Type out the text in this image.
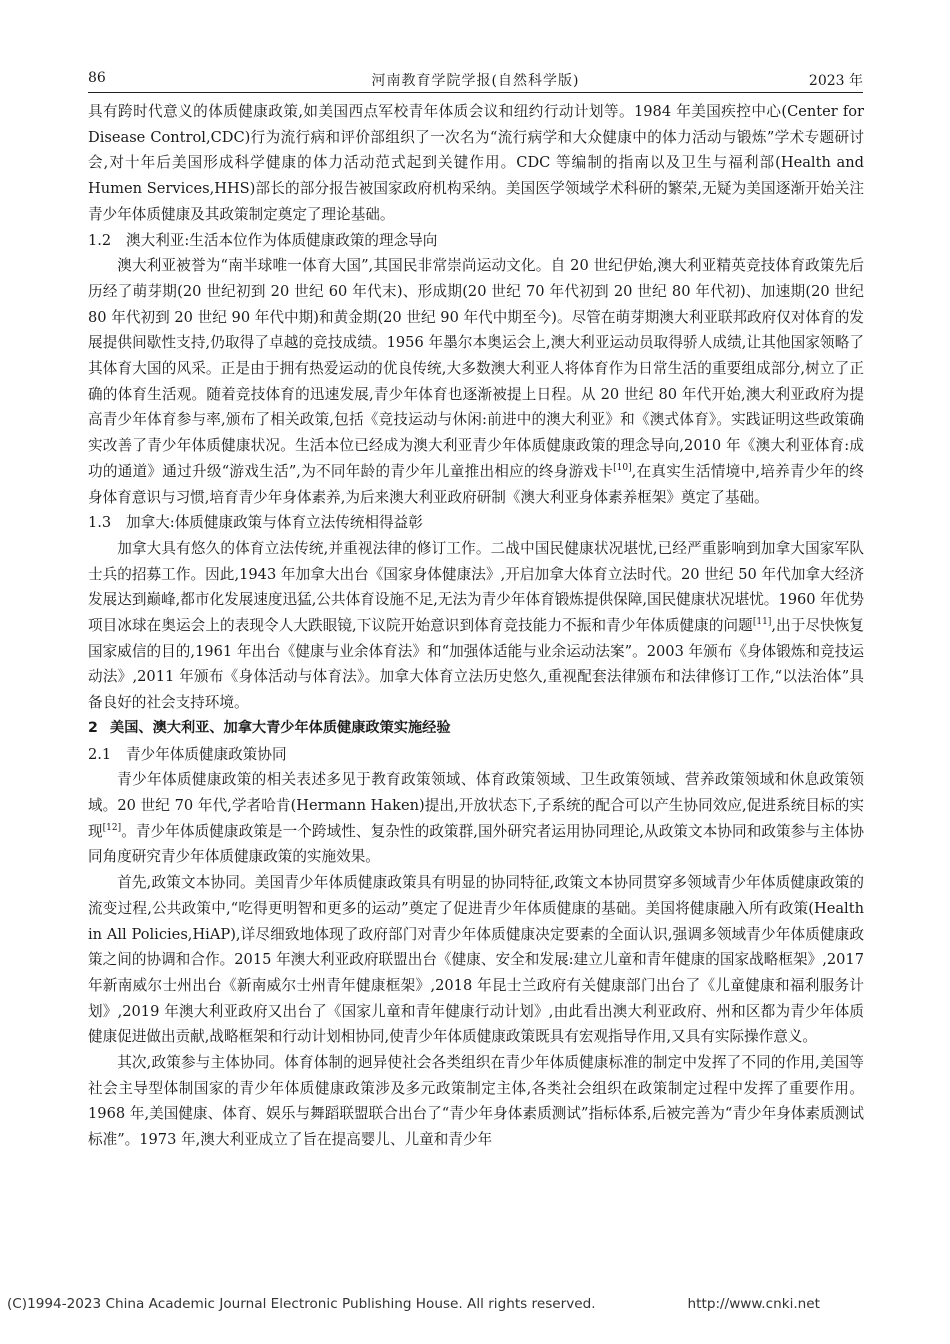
86	河南教育学院学报(自然科学版)	2023 年

具有跨时代意义的体质健康政策,如美国西点军校青年体质会议和纽约行动计划等。1984 年美国疾控中心(Center for Disease Control,CDC)行为流行病和评价部组织了一次名为“流行病学和大众健康中的体力活动与锻炼”学术专题研讨会,对十年后美国形成科学健康的体力活动范式起到关键作用。CDC 等编制的指南以及卫生与福利部(Health and Humen Services,HHS)部长的部分报告被国家政府机构采纳。美国医学领域学术科研的繁荣,无疑为美国逐渐开始关注青少年体质健康及其政策制定奠定了理论基础。

1.2 澳大利亚:生活本位作为体质健康政策的理念导向

澳大利亚被誉为“南半球唯一体育大国”,其国民非常崇尚运动文化。自 20 世纪伊始,澳大利亚精英竞技体育政策先后历经了萌芽期(20 世纪初到 20 世纪 60 年代末)、形成期(20 世纪 70 年代初到 20 世纪 80 年代初)、加速期(20 世纪 80 年代初到 20 世纪 90 年代中期)和黄金期(20 世纪 90 年代中期至今)。尽管在萌芽期澳大利亚联邦政府仅对体育的发展提供间歇性支持,仍取得了卓越的竞技成绩。1956 年墨尔本奥运会上,澳大利亚运动员取得骄人成绩,让其他国家领略了其体育大国的风采。正是由于拥有热爱运动的优良传统,大多数澳大利亚人将体育作为日常生活的重要组成部分,树立了正确的体育生活观。随着竞技体育的迅速发展,青少年体育也逐渐被提上日程。从 20 世纪 80 年代开始,澳大利亚政府为提高青少年体育参与率,颁布了相关政策,包括《竞技运动与休闲:前进中的澳大利亚》和《澳式体育》。实践证明这些政策确实改善了青少年体质健康状况。生活本位已经成为澳大利亚青少年体质健康政策的理念导向,2010 年《澳大利亚体育:成功的通道》通过升级“游戏生活”,为不同年龄的青少年儿童推出相应的终身游戏卡[10],在真实生活情境中,培养青少年的终身体育意识与习惯,培育青少年身体素养,为后来澳大利亚政府研制《澳大利亚身体素养框架》奠定了基础。

1.3 加拿大:体质健康政策与体育立法传统相得益彰

加拿大具有悠久的体育立法传统,并重视法律的修订工作。二战中国民健康状况堪忧,已经严重影响到加拿大国家军队士兵的招募工作。因此,1943 年加拿大出台《国家身体健康法》,开启加拿大体育立法时代。20 世纪 50 年代加拿大经济发展达到巅峰,都市化发展速度迅猛,公共体育设施不足,无法为青少年体育锻炼提供保障,国民健康状况堪忧。1960 年优势项目冰球在奥运会上的表现令人大跌眼镜,下议院开始意识到体育竞技能力不振和青少年体质健康的问题[11],出于尽快恢复国家威信的目的,1961 年出台《健康与业余体育法》和“加强体适能与业余运动法案”。2003 年颁布《身体锻炼和竞技运动法》,2011 年颁布《身体活动与体育法》。加拿大体育立法历史悠久,重视配套法律颁布和法律修订工作,“以法治体”具备良好的社会支持环境。

2 美国、澳大利亚、加拿大青少年体质健康政策实施经验
2.1 青少年体质健康政策协同

青少年体质健康政策的相关表述多见于教育政策领域、体育政策领域、卫生政策领域、营养政策领域和休息政策领域。20 世纪 70 年代,学者哈肯(Hermann Haken)提出,开放状态下,子系统的配合可以产生协同效应,促进系统目标的实现[12]。青少年体质健康政策是一个跨域性、复杂性的政策群,国外研究者运用协同理论,从政策文本协同和政策参与主体协同角度研究青少年体质健康政策的实施效果。

首先,政策文本协同。美国青少年体质健康政策具有明显的协同特征,政策文本协同贯穿多领域青少年体质健康政策的流变过程,公共政策中,“吃得更明智和更多的运动”奠定了促进青少年体质健康的基础。美国将健康融入所有政策(Health in All Policies,HiAP),详尽细致地体现了政府部门对青少年体质健康决定要素的全面认识,强调多领域青少年体质健康政策之间的协调和合作。2015 年澳大利亚政府联盟出台《健康、安全和发展:建立儿童和青年健康的国家战略框架》,2017 年新南威尔士州出台《新南威尔士州青年健康框架》,2018 年昆士兰政府有关健康部门出台了《儿童健康和福利服务计划》,2019 年澳大利亚政府又出台了《国家儿童和青年健康行动计划》,由此看出澳大利亚政府、州和区都为青少年体质健康促进做出贡献,战略框架和行动计划相协同,使青少年体质健康政策既具有宏观指导作用,又具有实际操作意义。

其次,政策参与主体协同。体育体制的迥异使社会各类组织在青少年体质健康标准的制定中发挥了不同的作用,美国等社会主导型体制国家的青少年体质健康政策涉及多元政策制定主体,各类社会组织在政策制定过程中发挥了重要作用。1968 年,美国健康、体育、娱乐与舞蹈联盟联合出台了“青少年身体素质测试”指标体系,后被完善为“青少年身体素质测试标准”。1973 年,澳大利亚成立了旨在提高婴儿、儿童和青少年

(C)1994-2023 China Academic Journal Electronic Publishing House. All rights reserved.	http://www.cnki.net
